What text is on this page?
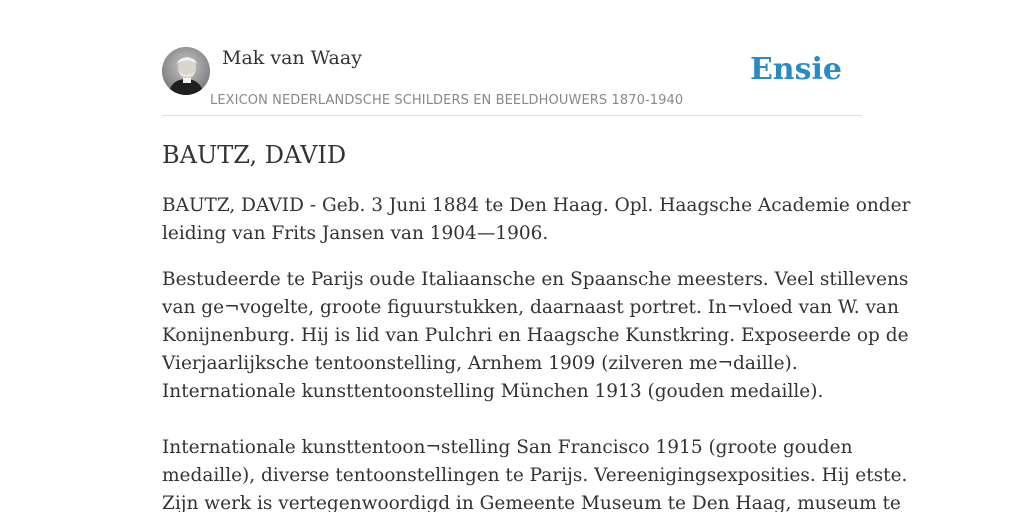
Mak van Waay	Ensie
LEXICON NEDERLANDSCHE SCHILDERS EN BEELDHOUWERS 1870-1940
BAUTZ, DAVID

BAUTZ, DAVID - Geb. 3 Juni 1884 te Den Haag. Opl. Haagsche Academie onder
leiding van Frits Jansen van 1904—1906.

Bestudeerde te Parijs oude Italiaansche en Spaansche meesters. Veel stillevens
van ge¬vogelte, groote figuurstukken, daarnaast portret. In¬vloed van W. van
Konijnenburg. Hij is lid van Pulchri en Haagsche Kunstkring. Exposeerde op de
Vierjaarlijksche tentoonstelling, Arnhem 1909 (zilveren me¬daille).
Internationale kunsttentoonstelling München 1913 (gouden medaille).
Internationale kunsttentoon¬stelling San Francisco 1915 (groote gouden
medaille), diverse tentoonstellingen te Parijs. Vereenigingsexposities. Hij etste.
Zijn werk is vertegenwoordigd in Gemeente Museum te Den Haag, museum te
